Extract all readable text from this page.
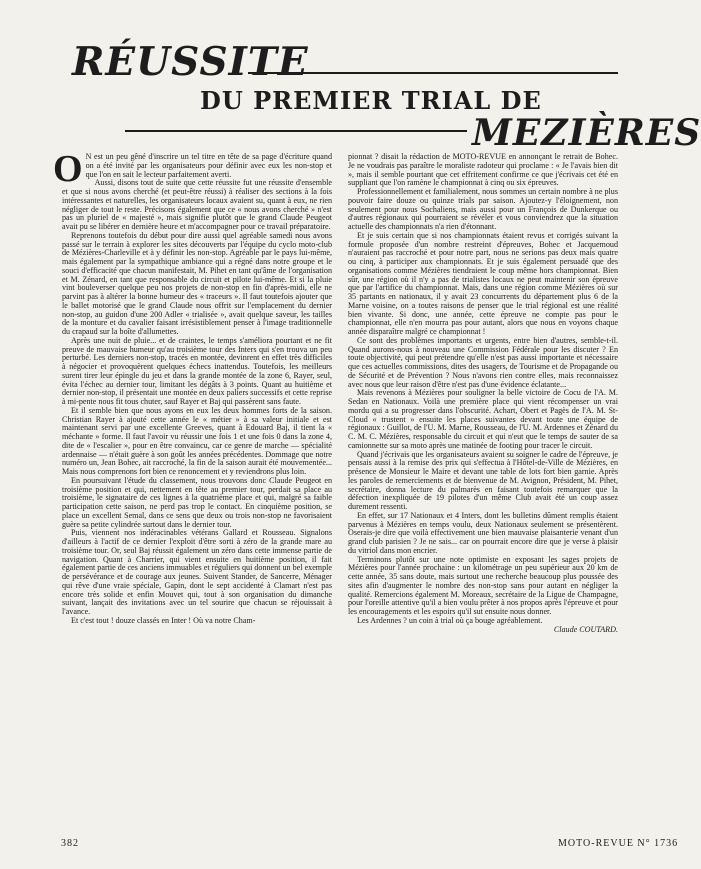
RÉUSSITE
DU PREMIER TRIAL DE
MEZIÈRES

O N est un peu gêné d'inscrire un tel titre en tête de sa page d'écriture quand on a été invité par les organisateurs pour définir avec eux les non-stop et que l'on en sait le lecteur parfaitement averti.

Aussi, disons tout de suite que cette réussite fut une réussite d'ensemble et que si nous avons cherché (et peut-être réussi) à réaliser des sections à la fois intéressantes et naturelles, les organisateurs locaux avaient su, quant à eux, ne rien négliger de tout le reste. Précisons également que ce « nous avons cherché » n'est pas un pluriel de « majesté », mais signifie plutôt que le grand Claude Peugeot avait pu se libérer en dernière heure et m'accompagner pour ce travail préparatoire.

Reprenons toutefois du début pour dire aussi quel agréable samedi nous avons passé sur le terrain à explorer les sites découverts par l'équipe du cyclo moto-club de Mézières-Charleville et à y définir les non-stop. Agréable par le pays lui-même, mais également par la sympathique ambiance qui a régné dans notre groupe et le souci d'efficacité que chacun manifestait, M. Pihet en tant qu'âme de l'organisation et M. Zénard, en tant que responsable du circuit et pilote lui-même. Et si la pluie vint bouleverser quelque peu nos projets de non-stop en fin d'après-midi, elle ne parvint pas à altérer la bonne humeur des « traceurs ». Il faut toutefois ajouter que le ballet motorisé que le grand Claude nous offrit sur l'emplacement du dernier non-stop, au guidon d'une 200 Adler « trialisée », avait quelque saveur, les tailles de la monture et du cavalier faisant irrésistiblement penser à l'image traditionnelle du crapaud sur la boîte d'allumettes.

Après une nuit de pluie... et de craintes, le temps s'améliora pourtant et ne fit preuve de mauvaise humeur qu'au troisième tour des Inters qui s'en trouva un peu perturbé. Les derniers non-stop, tracés en montée, devinrent en effet très difficiles à négocier et provoquèrent quelques échecs inattendus. Toutefois, les meilleurs surent tirer leur épingle du jeu et dans la grande montée de la zone 6, Rayer, seul, évita l'échec au dernier tour, limitant les dégâts à 3 points. Quant au huitième et dernier non-stop, il présentait une montée en deux paliers successifs et cette reprise à mi-pente nous fit tous chuter, sauf Rayer et Baj qui passèrent sans faute.

Et il semble bien que nous ayons en eux les deux hommes forts de la saison. Christian Rayer à ajouté cette année le « métier » à sa valeur initiale et est maintenant servi par une excellente Greeves, quant à Edouard Baj, il tient la « méchante » forme. Il faut l'avoir vu réussir une fois 1 et une fois 0 dans la zone 4, dite de « l'escalier », pour en être convaincu, car ce genre de marche — spécialité ardennaise — n'était guère à son goût les années précédentes. Dommage que notre numéro un, Jean Bohec, ait raccroché, la fin de la saison aurait été mouvementée... Mais nous comprenons fort bien ce renoncement et y reviendrons plus loin.

En poursuivant l'étude du classement, nous trouvons donc Claude Peugeot en troisième position et qui, nettement en tête au premier tour, perdait sa place au troisième, le signataire de ces lignes à la quatrième place et qui, malgré sa faible participation cette saison, ne perd pas trop le contact. En cinquième position, se place un excellent Semal, dans ce sens que deux ou trois non-stop ne favorisaient guère sa petite cylindrée surtout dans le dernier tour.

Puis, viennent nos indéracinables vétérans Gallard et Rousseau. Signalons d'ailleurs à l'actif de ce dernier l'exploit d'être sorti à zéro de la grande mare au troisième tour. Or, seul Baj réussit également un zéro dans cette immense partie de navigation. Quant à Charrier, qui vient ensuite en huitième position, il fait également partie de ces anciens immuables et réguliers qui donnent un bel exemple de persévérance et de courage aux jeunes. Suivent Stander, de Sancerre, Ménager qui rêve d'une vraie spéciale, Gapin, dont le sept accidenté à Clamart n'est pas encore très solide et enfin Mouvet qui, tout à son organisation du dimanche suivant, lançait des invitations avec un tel sourire que chacun se réjouissait à l'avance.

Et c'est tout ! douze classés en Inter ! Où va notre Cham-

pionnat ? disait la rédaction de MOTO-REVUE en annonçant le retrait de Bohec. Je ne voudrais pas paraître le moraliste radoteur qui proclame : « Je l'avais bien dit », mais il semble pourtant que cet effritement confirme ce que j'écrivais cet été en suppliant que l'on ramène le championnat à cinq ou six épreuves.

Professionnellement et familialement, nous sommes un certain nombre à ne plus pouvoir faire douze ou quinze trials par saison. Ajoutez-y l'éloignement, non seulement pour nous Sochaliens, mais aussi pour un François de Dunkerque ou d'autres régionaux qui pourraient se révéler et vous conviendrez que la situation actuelle des championnats n'a rien d'étonnant.

Et je suis certain que si nos championnats étaient revus et corrigés suivant la formule proposée d'un nombre restreint d'épreuves, Bohec et Jacquemoud n'auraient pas raccroché et pour notre part, nous ne serions pas deux mais quatre ou cinq, à participer aux championnats. Et je suis également persuadé que des organisations comme Mézières tiendraient le coup même hors championnat. Bien sûr, une région où il n'y a pas de trialistes locaux ne peut maintenir son épreuve que par l'artifice du championnat. Mais, dans une région comme Mézières où sur 35 partants en nationaux, il y avait 23 concurrents du département plus 6 de la Marne voisine, on a toutes raisons de penser que le trial régional est une réalité bien vivante. Si donc, une année, cette épreuve ne compte pas pour le championnat, elle n'en mourra pas pour autant, alors que nous en voyons chaque année disparaître malgré ce championnat !

Ce sont des problèmes importants et urgents, entre bien d'autres, semble-t-il. Quand aurons-nous à nouveau une Commission Fédérale pour les discuter ? En toute objectivité, qui peut prétendre qu'elle n'est pas aussi importante et nécessaire que ces actuelles commissions, dites des usagers, de Tourisme et de Propagande ou de Sécurité et de Prévention ? Nous n'avons rien contre elles, mais reconnaissez avec nous que leur raison d'être n'est pas d'une évidence éclatante...

Mais revenons à Mézières pour souligner la belle victoire de Cocu de l'A. M. Sedan en Nationaux. Voilà une première place qui vient récompenser un vrai mordu qui a su progresser dans l'obscurité. Achart, Obert et Pagès de l'A. M. St-Cloud « trustent » ensuite les places suivantes devant toute une équipe de régionaux : Guillot, de l'U. M. Marne, Rousseau, de l'U. M. Ardennes et Zénard du C. M. C. Mézières, responsable du circuit et qui n'eut que le temps de sauter de sa camionnette sur sa moto après une matinée de footing pour tracer le circuit.

Quand j'écrivais que les organisateurs avaient su soigner le cadre de l'épreuve, je pensais aussi à la remise des prix qui s'effectua à l'Hôtel-de-Ville de Mézières, en présence de Monsieur le Maire et devant une table de lots fort bien garnie. Après les paroles de remerciements et de bienvenue de M. Avignon, Président, M. Pihet, secrétaire, donna lecture du palmarès en faisant toutefois remarquer que la défection inexpliquée de 19 pilotes d'un même Club avait été un coup assez durement ressenti.

En effet, sur 17 Nationaux et 4 Inters, dont les bulletins dûment remplis étaient parvenus à Mézières en temps voulu, deux Nationaux seulement se présentèrent. Oserais-je dire que voilà effectivement une bien mauvaise plaisanterie venant d'un grand club parisien ? Je ne sais... car on pourrait encore dire que je verse à plaisir du vitriol dans mon encrier.

Terminons plutôt sur une note optimiste en exposant les sages projets de Mézières pour l'année prochaine : un kilométrage un peu supérieur aux 20 km de cette année, 35 sans doute, mais surtout une recherche beaucoup plus poussée des sites afin d'augmenter le nombre des non-stop sans pour autant en négliger la qualité. Remercions également M. Moreaux, secrétaire de la Ligue de Champagne, pour l'oreille attentive qu'il a bien voulu prêter à nos propos après l'épreuve et pour les encouragements et les espoirs qu'il sut ensuite nous donner.

Les Ardennes ? un coin à trial où ça bouge agréablement.

Claude COUTARD.

382	MOTO-REVUE N° 1736
